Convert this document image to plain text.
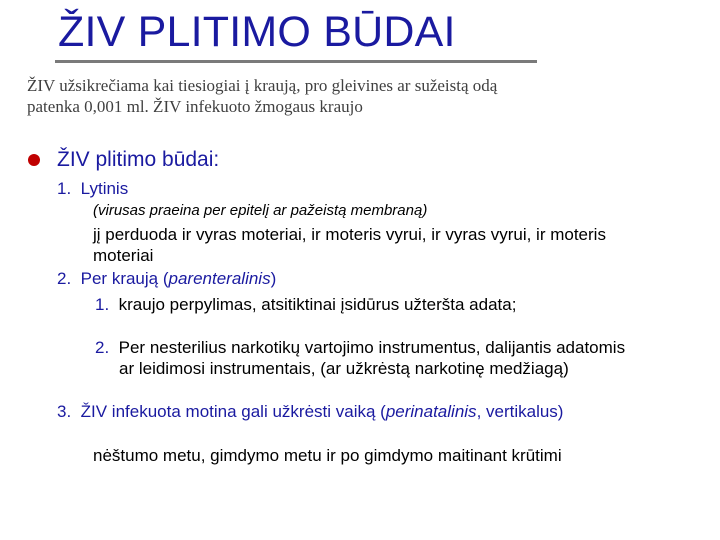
ŽIV PLITIMO BŪDAI

ŽIV užsikrečiama kai tiesiogiai į kraują, pro gleivines ar sužeistą odą patenka 0,001 ml. ŽIV infekuoto žmogaus kraujo

ŽIV plitimo būdai:
1. Lytinis
(virusas praeina per epitelį ar pažeistą membraną)
jį perduoda ir vyras moteriai, ir moteris vyrui, ir vyras vyrui, ir moteris moteriai
2. Per kraują (parenteralinis)
1. kraujo perpylimas, atsitiktinai įsidūrus užteršta adata;
2. Per nesterilius narkotikų vartojimo instrumentus, dalijantis adatomis ar leidimosi instrumentais, (ar užkrėstą narkotinę medžiagą)
3. ŽIV infekuota motina gali užkrėsti vaiką (perinatalinis, vertikalus)
nėštumo metu, gimdymo metu ir po gimdymo maitinant krūtimi
